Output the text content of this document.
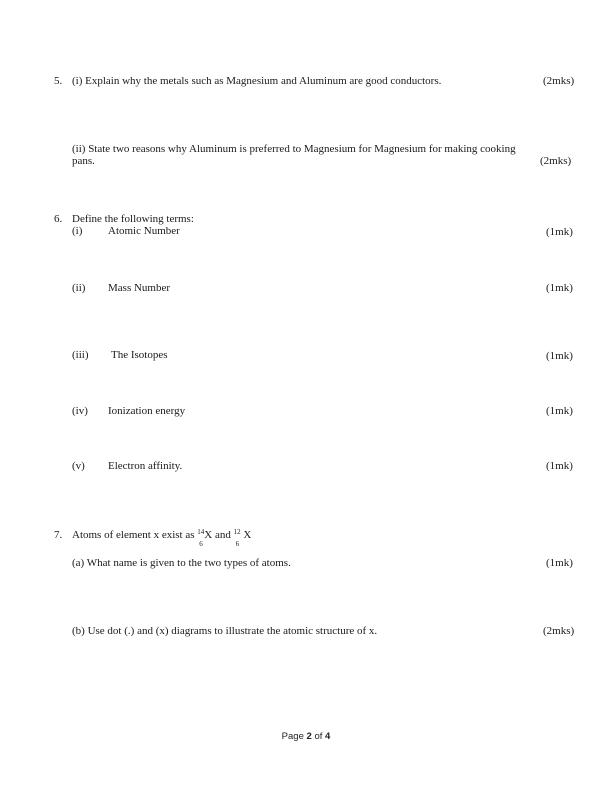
5. (i) Explain why the metals such as Magnesium and Aluminum are good conductors.	(2mks)
(ii) State two reasons why Aluminum is preferred to Magnesium for Magnesium for making cooking
pans.	(2mks)
6. Define the following terms:
(i) Atomic Number	(1mk)
(ii) Mass Number	(1mk)
(iii) The Isotopes	(1mk)
(iv) Ionization energy	(1mk)
(v) Electron affinity.	(1mk)
7. Atoms of element x exist as 14
6
X and 12
6
X
(a) What name is given to the two types of atoms.	(1mk)
(b) Use dot (.) and (x) diagrams to illustrate the atomic structure of x.	(2mks)
Page 2 of 4
